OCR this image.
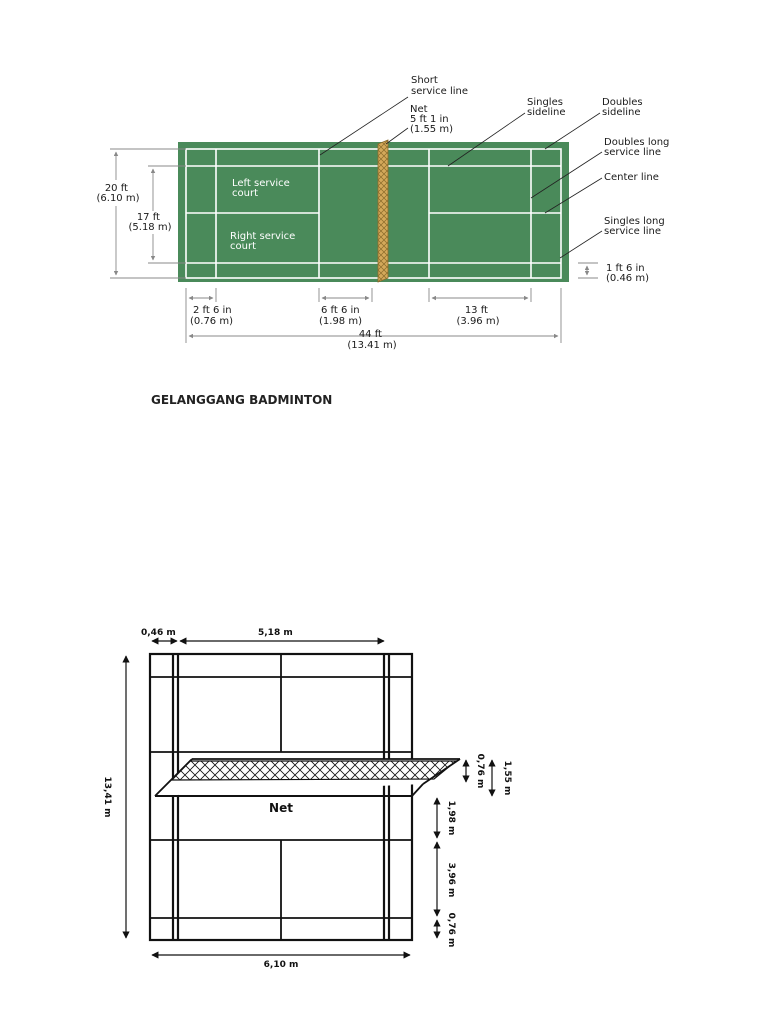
Left service court
Right service court
Short service line
Net 5 ft 1 in (1.55 m)
Singles sideline
Doubles sideline
Doubles long service line
Center line
Singles long service line
1 ft 6 in (0.46 m)
20 ft (6.10 m)
17 ft (5.18 m)
2 ft 6 in (0.76 m)
6 ft 6 in (1.98 m)
13 ft (3.96 m)
44 ft (13.41 m)
Net
0,46 m	5,18 m
13,41 m
6,10 m
0,76 m 1,55 m
1,98 m
3,96 m
0,76 m
GELANGGANG BADMINTON
